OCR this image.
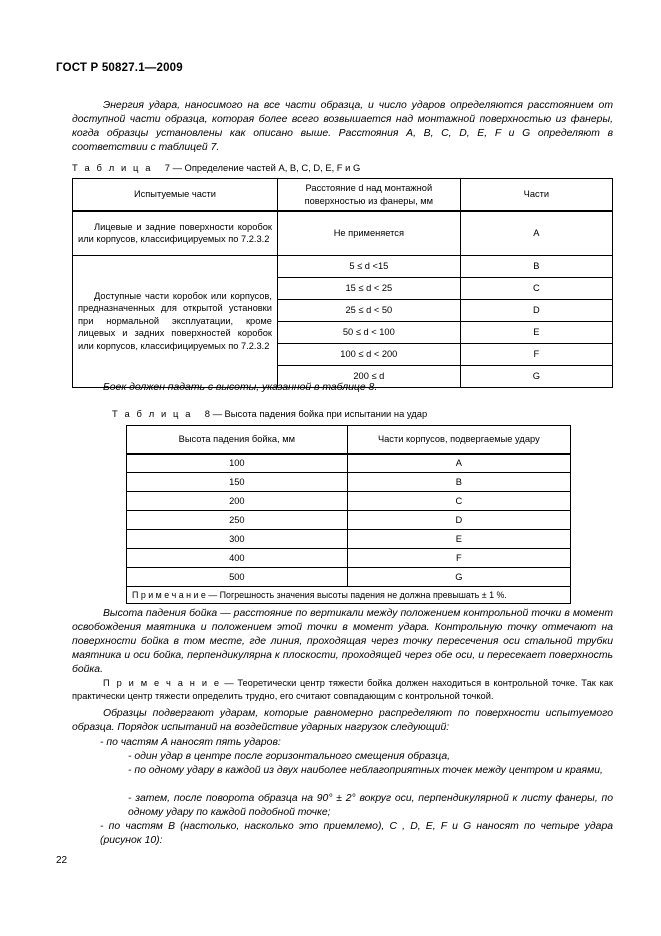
ГОСТ Р 50827.1—2009
Энергия удара, наносимого на все части образца, и число ударов определяются расстоянием от доступной части образца, которая более всего возвышается над монтажной поверхностью из фанеры, когда образцы установлены как описано выше. Расстояния A, B, C, D, E, F и G определяют в соответствии с таблицей 7.
Т а б л и ц а 7 — Определение частей A, B, C, D, E, F и G
Испытуемые части	Расстояние d над монтажной поверхностью из фанеры, мм	Части
Лицевые и задние поверхности коробок или корпусов, классифицируемых по 7.2.3.2	Не применяется	A
Доступные части коробок или корпусов, предназначенных для открытой установки при нормальной эксплуатации, кроме лицевых и задних поверхностей коробок или корпусов, классифицируемых по 7.2.3.2	5 ≤ d <15	B
	15 ≤ d < 25	C
	25 ≤ d < 50	D
	50 ≤ d < 100	E
	100 ≤ d < 200	F
	200 ≤ d	G
Боек должен падать с высоты, указанной в таблице 8.
Т а б л и ц а 8 — Высота падения бойка при испытании на удар
Высота падения бойка, мм	Части корпусов, подвергаемые удару
100	A
150	B
200	C
250	D
300	E
400	F
500	G
П р и м е ч а н и е — Погрешность значения высоты падения не должна превышать ± 1 %.	
Высота падения бойка — расстояние по вертикали между положением контрольной точки в момент освобождения маятника и положением этой точки в момент удара. Контрольную точку отмечают на поверхности бойка в том месте, где линия, проходящая через точку пересечения оси стальной трубки маятника и оси бойка, перпендикулярна к плоскости, проходящей через обе оси, и пересекает поверхность бойка.
П р и м е ч а н и е — Теоретически центр тяжести бойка должен находиться в контрольной точке. Так как практически центр тяжести определить трудно, его считают совпадающим с контрольной точкой.
Образцы подвергают ударам, которые равномерно распределяют по поверхности испытуемого образца. Порядок испытаний на воздействие ударных нагрузок следующий:
- по частям A наносят пять ударов:
- один удар в центре после горизонтального смещения образца,
- по одному удару в каждой из двух наиболее неблагоприятных точек между центром и краями,
- затем, после поворота образца на 90° ± 2° вокруг оси, перпендикулярной к листу фанеры, по одному удару по каждой подобной точке;
- по частям B (настолько, насколько это приемлемо), C , D, E, F и G наносят по четыре удара (рисунок 10):
22
